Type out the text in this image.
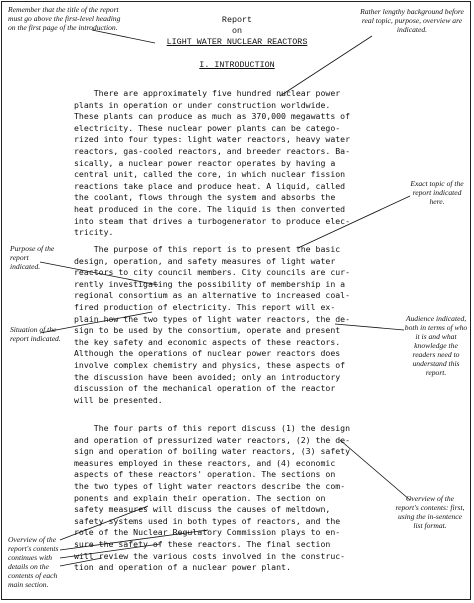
Remember that the title of the report must go above the first-level heading on the first page of the introduction.
Rather lengthy background before real topic, purpose, overview are indicated.
Exact topic of the report indicated here.
Purpose of the report indicated.
Situation of the report indicated.
Audience indicated, both in terms of who it is and what knowledge the readers need to understand this report.
Overview of the report's contents: first, using the in-sentence list format.
Overview of the report's contents continues with details on the contents of each main section.
Report
on
LIGHT WATER NUCLEAR REACTORS
I. INTRODUCTION
There are approximately five hundred nuclear power
plants in operation or under construction worldwide.
These plants can produce as much as 370,000 megawatts of
electricity. These nuclear power plants can be catego-
rized into four types: light water reactors, heavy water
reactors, gas-cooled reactors, and breeder reactors. Ba-
sically, a nuclear power reactor operates by having a
central unit, called the core, in which nuclear fission
reactions take place and produce heat. A liquid, called
the coolant, flows through the system and absorbs the
heat produced in the core. The liquid is then converted
into steam that drives a turbogenerator to produce elec-
tricity.
The purpose of this report is to present the basic
design, operation, and safety measures of light water
reactors to city council members. City councils are cur-
rently investigating the possibility of membership in a
regional consortium as an alternative to increased coal-
fired production of electricity. This report will ex-
plain how the two types of light water reactors, the de-
sign to be used by the consortium, operate and present
the key safety and economic aspects of these reactors.
Although the operations of nuclear power reactors does
involve complex chemistry and physics, these aspects of
the discussion have been avoided; only an introductory
discussion of the mechanical operation of the reactor
will be presented.
The four parts of this report discuss (1) the design
and operation of pressurized water reactors, (2) the de-
sign and operation of boiling water reactors, (3) safety
measures employed in these reactors, and (4) economic
aspects of these reactors' operation. The sections on
the two types of light water reactors describe the com-
ponents and explain their operation. The section on
safety measures will discuss the causes of meltdown,
safety systems used in both types of reactors, and the
role of the Nuclear Regulatory Commission plays to en-
sure the safety of these reactors. The final section
will review the various costs involved in the construc-
tion and operation of a nuclear power plant.
